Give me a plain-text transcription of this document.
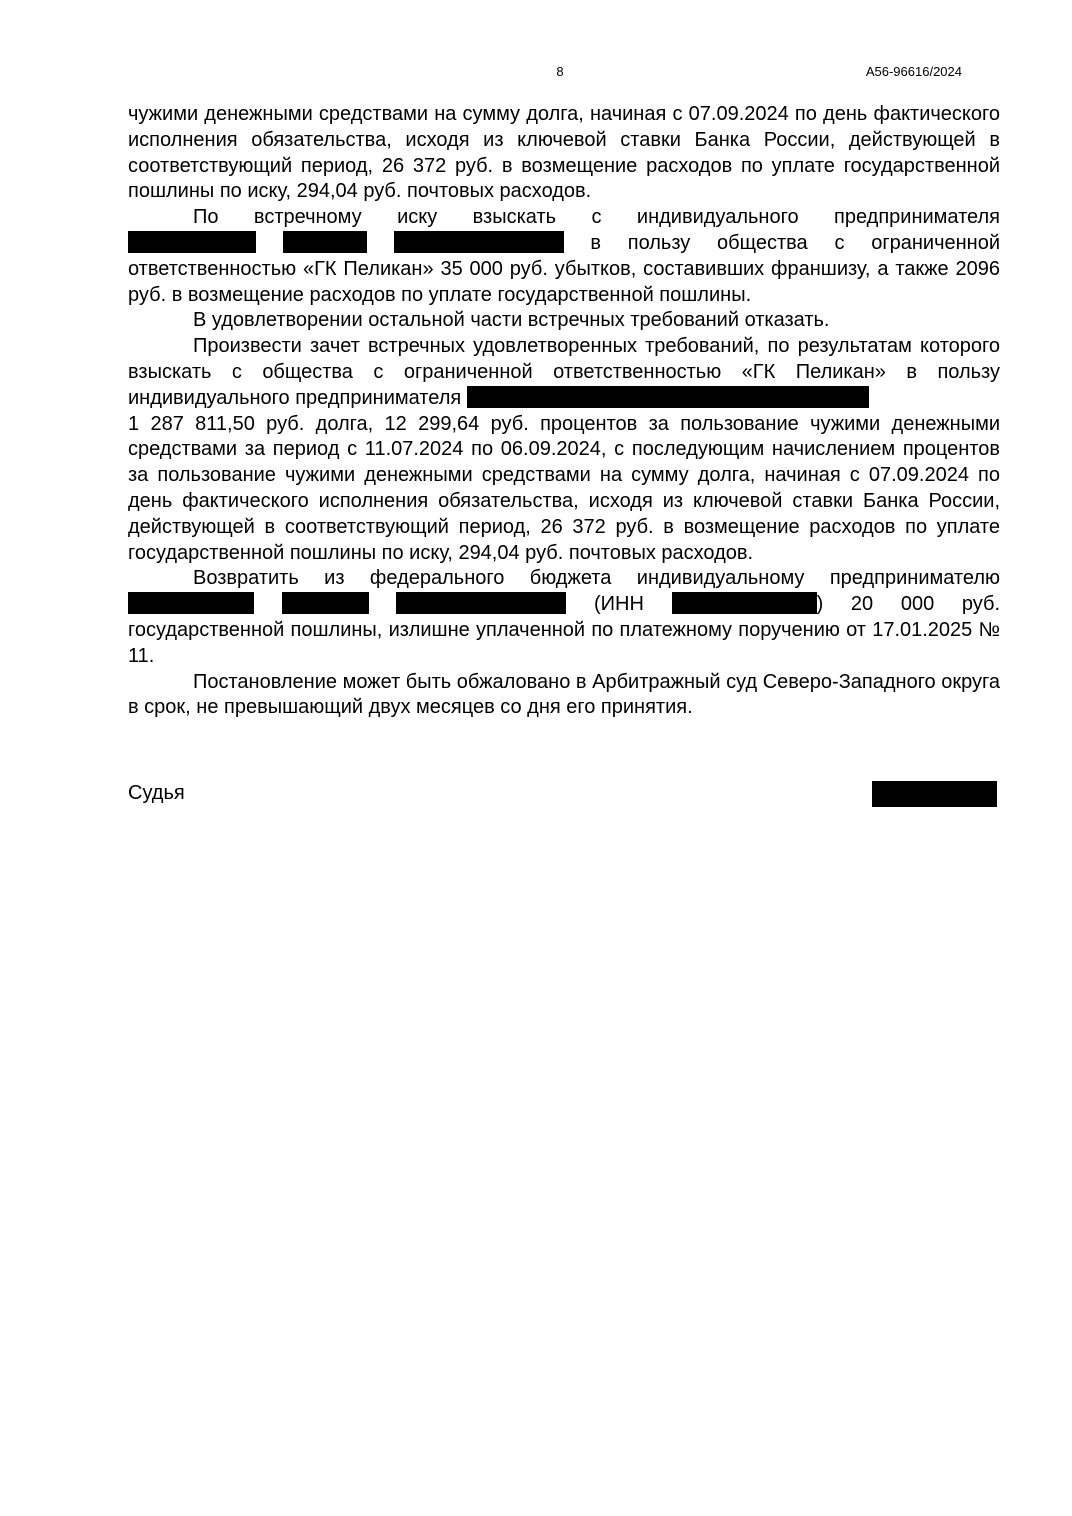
8	А56-96616/2024

чужими денежными средствами на сумму долга, начиная с 07.09.2024 по день фактического исполнения обязательства, исходя из ключевой ставки Банка России, действующей в соответствующий период, 26 372 руб. в возмещение расходов по уплате государственной пошлины по иску, 294,04 руб. почтовых расходов.

По встречному иску взыскать с индивидуального предпринимателя

в пользу общества с ограниченной

ответственностью «ГК Пеликан» 35 000 руб. убытков, составивших франшизу, а также 2096 руб. в возмещение расходов по уплате государственной пошлины.

В удовлетворении остальной части встречных требований отказать.

Произвести зачет встречных удовлетворенных требований, по результатам которого взыскать с общества с ограниченной ответственностью «ГК Пеликан» в пользу индивидуального предпринимателя

1 287 811,50 руб. долга, 12 299,64 руб. процентов за пользование чужими денежными средствами за период с 11.07.2024 по 06.09.2024, с последующим начислением процентов за пользование чужими денежными средствами на сумму долга, начиная с 07.09.2024 по день фактического исполнения обязательства, исходя из ключевой ставки Банка России, действующей в соответствующий период, 26 372 руб. в возмещение расходов по уплате государственной пошлины по иску, 294,04 руб. почтовых расходов.

Возвратить из федерального бюджета индивидуальному предпринимателю

(ИНН	) 20 000 руб.

государственной пошлины, излишне уплаченной по платежному поручению от 17.01.2025 № 11.

Постановление может быть обжаловано в Арбитражный суд Северо-Западного округа в срок, не превышающий двух месяцев со дня его принятия.

Судья
